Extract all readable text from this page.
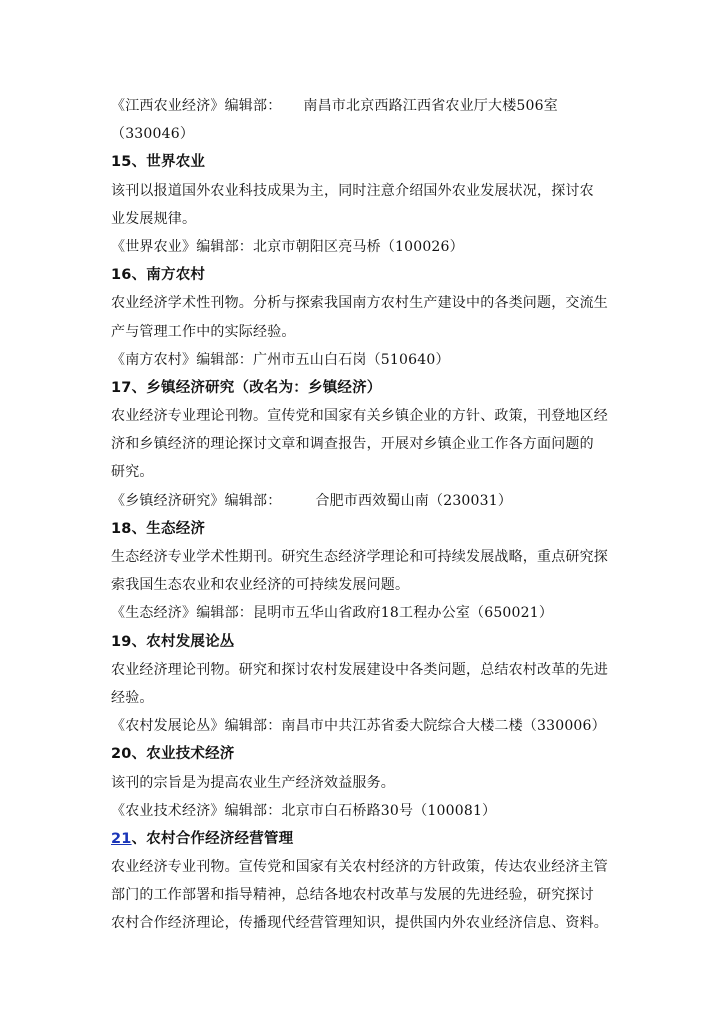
《江西农业经济》编辑部： 南昌市北京西路江西省农业厅大楼506室
（330046）
15、世界农业
该刊以报道国外农业科技成果为主，同时注意介绍国外农业发展状况，探讨农
业发展规律。
《世界农业》编辑部：北京市朝阳区亮马桥（100026）
16、南方农村
农业经济学术性刊物。分析与探索我国南方农村生产建设中的各类问题，交流生
产与管理工作中的实际经验。
《南方农村》编辑部：广州市五山白石岗（510640）
17、乡镇经济研究（改名为：乡镇经济）
农业经济专业理论刊物。宣传党和国家有关乡镇企业的方针、政策，刊登地区经
济和乡镇经济的理论探讨文章和调查报告，开展对乡镇企业工作各方面问题的
研究。
《乡镇经济研究》编辑部： 合肥市西效蜀山南（230031）
18、生态经济
生态经济专业学术性期刊。研究生态经济学理论和可持续发展战略，重点研究探
索我国生态农业和农业经济的可持续发展问题。
《生态经济》编辑部：昆明市五华山省政府18工程办公室（650021）
19、农村发展论丛
农业经济理论刊物。研究和探讨农村发展建设中各类问题，总结农村改革的先进
经验。
《农村发展论丛》编辑部：南昌市中共江苏省委大院综合大楼二楼（330006）
20、农业技术经济
该刊的宗旨是为提高农业生产经济效益服务。
《农业技术经济》编辑部：北京市白石桥路30号（100081）
21、农村合作经济经营管理
农业经济专业刊物。宣传党和国家有关农村经济的方针政策，传达农业经济主管
部门的工作部署和指导精神，总结各地农村改革与发展的先进经验，研究探讨
农村合作经济理论，传播现代经营管理知识，提供国内外农业经济信息、资料。
